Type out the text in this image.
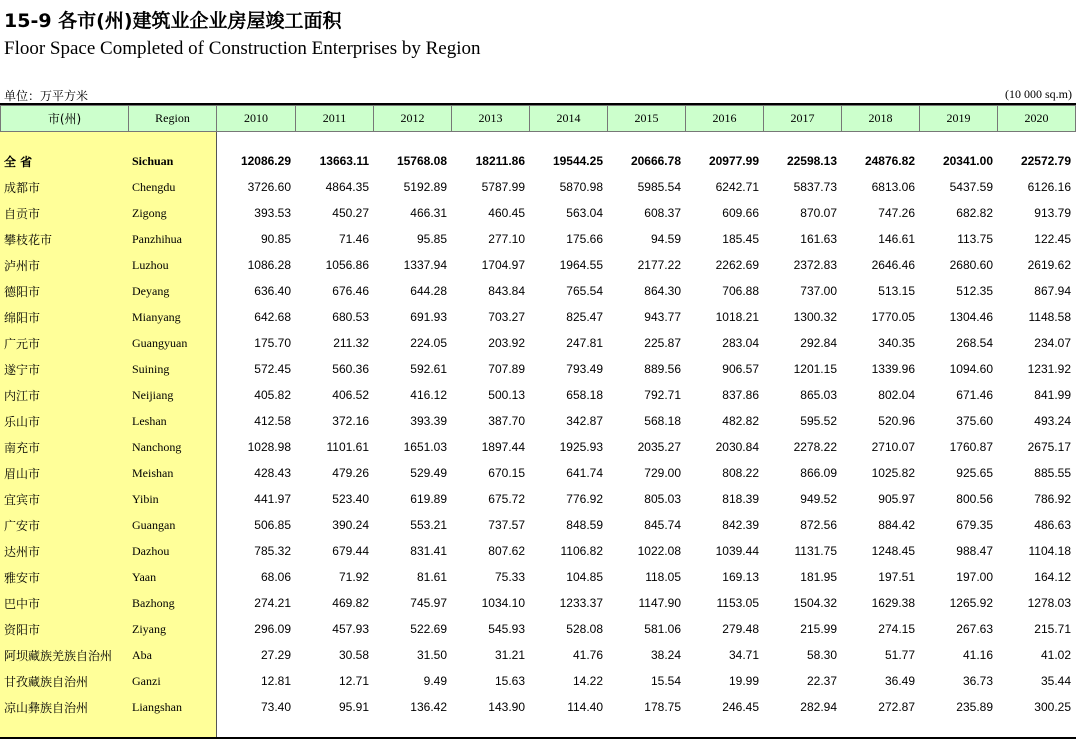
15-9 各市(州)建筑业企业房屋竣工面积
Floor Space Completed of Construction Enterprises by Region
单位：万平方米	(10 000 sq.m)
市(州)	Region	2010	2011	2012	2013	2014	2015	2016	2017	2018	2019	2020
全 省	Sichuan	12086.29	13663.11	15768.08	18211.86	19544.25	20666.78	20977.99	22598.13	24876.82	20341.00	22572.79
成都市	Chengdu	3726.60	4864.35	5192.89	5787.99	5870.98	5985.54	6242.71	5837.73	6813.06	5437.59	6126.16
自贡市	Zigong	393.53	450.27	466.31	460.45	563.04	608.37	609.66	870.07	747.26	682.82	913.79
攀枝花市	Panzhihua	90.85	71.46	95.85	277.10	175.66	94.59	185.45	161.63	146.61	113.75	122.45
泸州市	Luzhou	1086.28	1056.86	1337.94	1704.97	1964.55	2177.22	2262.69	2372.83	2646.46	2680.60	2619.62
德阳市	Deyang	636.40	676.46	644.28	843.84	765.54	864.30	706.88	737.00	513.15	512.35	867.94
绵阳市	Mianyang	642.68	680.53	691.93	703.27	825.47	943.77	1018.21	1300.32	1770.05	1304.46	1148.58
广元市	Guangyuan	175.70	211.32	224.05	203.92	247.81	225.87	283.04	292.84	340.35	268.54	234.07
遂宁市	Suining	572.45	560.36	592.61	707.89	793.49	889.56	906.57	1201.15	1339.96	1094.60	1231.92
内江市	Neijiang	405.82	406.52	416.12	500.13	658.18	792.71	837.86	865.03	802.04	671.46	841.99
乐山市	Leshan	412.58	372.16	393.39	387.70	342.87	568.18	482.82	595.52	520.96	375.60	493.24
南充市	Nanchong	1028.98	1101.61	1651.03	1897.44	1925.93	2035.27	2030.84	2278.22	2710.07	1760.87	2675.17
眉山市	Meishan	428.43	479.26	529.49	670.15	641.74	729.00	808.22	866.09	1025.82	925.65	885.55
宜宾市	Yibin	441.97	523.40	619.89	675.72	776.92	805.03	818.39	949.52	905.97	800.56	786.92
广安市	Guangan	506.85	390.24	553.21	737.57	848.59	845.74	842.39	872.56	884.42	679.35	486.63
达州市	Dazhou	785.32	679.44	831.41	807.62	1106.82	1022.08	1039.44	1131.75	1248.45	988.47	1104.18
雅安市	Yaan	68.06	71.92	81.61	75.33	104.85	118.05	169.13	181.95	197.51	197.00	164.12
巴中市	Bazhong	274.21	469.82	745.97	1034.10	1233.37	1147.90	1153.05	1504.32	1629.38	1265.92	1278.03
资阳市	Ziyang	296.09	457.93	522.69	545.93	528.08	581.06	279.48	215.99	274.15	267.63	215.71
阿坝藏族羌族自治州	Aba	27.29	30.58	31.50	31.21	41.76	38.24	34.71	58.30	51.77	41.16	41.02
甘孜藏族自治州	Ganzi	12.81	12.71	9.49	15.63	14.22	15.54	19.99	22.37	36.49	36.73	35.44
凉山彝族自治州	Liangshan	73.40	95.91	136.42	143.90	114.40	178.75	246.45	282.94	272.87	235.89	300.25
